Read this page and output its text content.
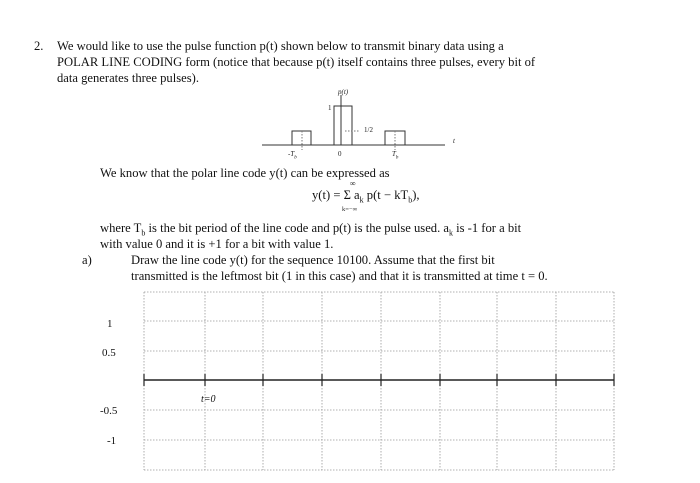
2. We would like to use the pulse function p(t) shown below to transmit binary data using a
POLAR LINE CODING form (notice that because p(t) itself contains three pulses, every bit of
data generates three pulses).
p(t)
1
1/2
$-T_b$	0	$T_b$
t
We know that the polar line code y(t) can be expressed as
y(t) = Σ $a_k$ $p(t - kT_b)$,
∞
k=−∞
where $T_b$ is the bit period of the line code and p(t) is the pulse used. $a_k$ is -1 for a bit
with value 0 and it is +1 for a bit with value 1.
a)	Draw the line code y(t) for the sequence 10100. Assume that the first bit
transmitted is the leftmost bit (1 in this case) and that it is transmitted at time t = 0.
1
0.5
-0.5
-1
t=0
